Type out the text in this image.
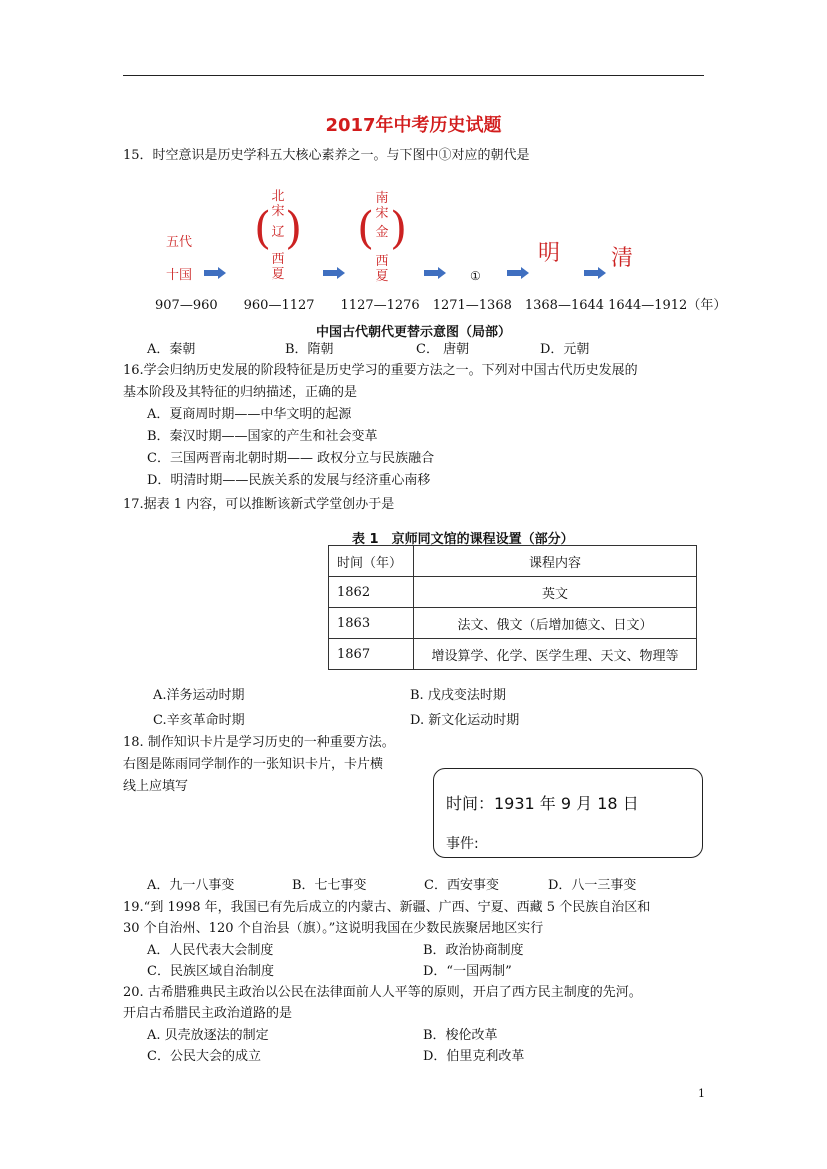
2017年中考历史试题
15．时空意识是历史学科五大核心素养之一。与下图中①对应的朝代是
五代
十国
(
北宋
辽
西夏
) (
南宋
金
西夏
)
①
明 清
907—960　　960—1127　　1127—1276　1271—1368　1368—1644 1644—1912（年）
中国古代朝代更替示意图（局部）
A．秦朝	B．隋朝	C． 唐朝	D．元朝
16.学会归纳历史发展的阶段特征是历史学习的重要方法之一。下列对中国古代历史发展的
基本阶段及其特征的归纳描述，正确的是
A．夏商周时期——中华文明的起源
B．秦汉时期——国家的产生和社会变革
C．三国两晋南北朝时期—— 政权分立与民族融合
D．明清时期——民族关系的发展与经济重心南移
17.据表 1 内容，可以推断该新式学堂创办于是
表 1　京师同文馆的课程设置（部分）
时间（年）	课程内容
1862	英文
1863	法文、俄文（后增加德文、日文）
1867	增设算学、化学、医学生理、天文、物理等
A.洋务运动时期	B. 戊戌变法时期
C.辛亥革命时期	D. 新文化运动时期
18. 制作知识卡片是学习历史的一种重要方法。
右图是陈雨同学制作的一张知识卡片，卡片横
线上应填写
时间：1931 年 9 月 18 日
事件:
A．九一八事变	B．七七事变	C．西安事变	D．八一三事变
19.“到 1998 年，我国已有先后成立的内蒙古、新疆、广西、宁夏、西藏 5 个民族自治区和
30 个自治州、120 个自治县（旗）。”这说明我国在少数民族聚居地区实行
A．人民代表大会制度	B．政治协商制度
C．民族区域自治制度	D．“一国两制”
20. 古希腊雅典民主政治以公民在法律面前人人平等的原则，开启了西方民主制度的先河。
开启古希腊民主政治道路的是
A. 贝壳放逐法的制定	B．梭伦改革
C．公民大会的成立	D．伯里克利改革
1
